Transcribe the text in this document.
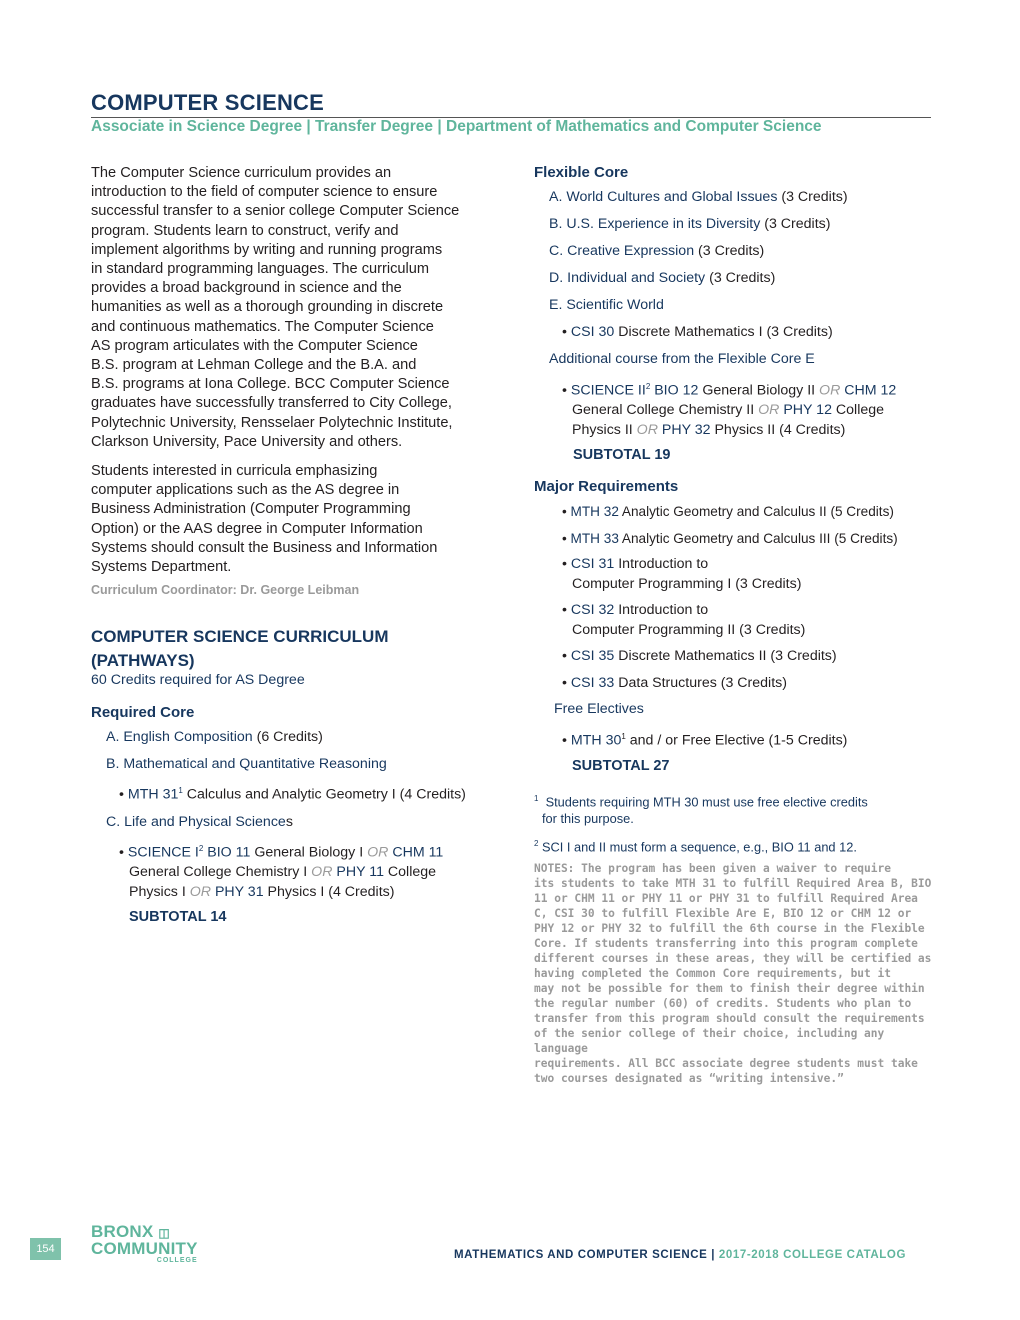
COMPUTER SCIENCE
Associate in Science Degree | Transfer Degree | Department of Mathematics and Computer Science
The Computer Science curriculum provides an
introduction to the field of computer science to ensure
successful transfer to a senior college Computer Science
program. Students learn to construct, verify and
implement algorithms by writing and running programs
in standard programming languages. The curriculum
provides a broad background in science and the
humanities as well as a thorough grounding in discrete
and continuous mathematics. The Computer Science
AS program articulates with the Computer Science
B.S. program at Lehman College and the B.A. and
B.S. programs at Iona College. BCC Computer Science
graduates have successfully transferred to City College,
Polytechnic University, Rensselaer Polytechnic Institute,
Clarkson University, Pace University and others.
Students interested in curricula emphasizing
computer applications such as the AS degree in
Business Administration (Computer Programming
Option) or the AAS degree in Computer Information
Systems should consult the Business and Information
Systems Department.
Curriculum Coordinator: Dr. George Leibman
COMPUTER SCIENCE CURRICULUM
(PATHWAYS)
60 Credits required for AS Degree
Required Core
A. English Composition (6 Credits)
B. Mathematical and Quantitative Reasoning
• MTH $31^1$ Calculus and Analytic Geometry I (4 Credits)
C. Life and Physical Sciences
• SCIENCE $I^2$ BIO 11 General Biology I OR CHM 11
General College Chemistry I OR PHY 11 College
Physics I OR PHY 31 Physics I (4 Credits)
SUBTOTAL 14
Flexible Core
A. World Cultures and Global Issues (3 Credits)
B. U.S. Experience in its Diversity (3 Credits)
C. Creative Expression (3 Credits)
D. Individual and Society (3 Credits)
E. Scientific World
• CSI 30 Discrete Mathematics I (3 Credits)
Additional course from the Flexible Core E
• SCIENCE $II^2$ BIO 12 General Biology II OR CHM 12
General College Chemistry II OR PHY 12 College
Physics II OR PHY 32 Physics II (4 Credits)
SUBTOTAL 19
Major Requirements
• MTH 32 Analytic Geometry and Calculus II (5 Credits)
• MTH 33 Analytic Geometry and Calculus III (5 Credits)
• CSI 31 Introduction to
Computer Programming I (3 Credits)
• CSI 32 Introduction to
Computer Programming II (3 Credits)
• CSI 35 Discrete Mathematics II (3 Credits)
• CSI 33 Data Structures (3 Credits)
Free Electives
• MTH $30^1$ and / or Free Elective (1-5 Credits)
SUBTOTAL 27
$^1$ Students requiring MTH 30 must use free elective credits
for this purpose.
$^2$ SCI I and II must form a sequence, e.g., BIO 11 and 12.
NOTES: The program has been given a waiver to require
its students to take MTH 31 to fulfill Required Area B, BIO
11 or CHM 11 or PHY 11 or PHY 31 to fulfill Required Area
C, CSI 30 to fulfill Flexible Are E, BIO 12 or CHM 12 or
PHY 12 or PHY 32 to fulfill the 6th course in the Flexible
Core. If students transferring into this program complete
different courses in these areas, they will be certified as
having completed the Common Core requirements, but it
may not be possible for them to finish their degree within
the regular number (60) of credits. Students who plan to
transfer from this program should consult the requirements
of the senior college of their choice, including any language
requirements. All BCC associate degree students must take
two courses designated as “writing intensive.”
154
BRONX ◫
COMMUNITY
COLLEGE	MATHEMATICS AND COMPUTER SCIENCE | 2017-2018 COLLEGE CATALOG
